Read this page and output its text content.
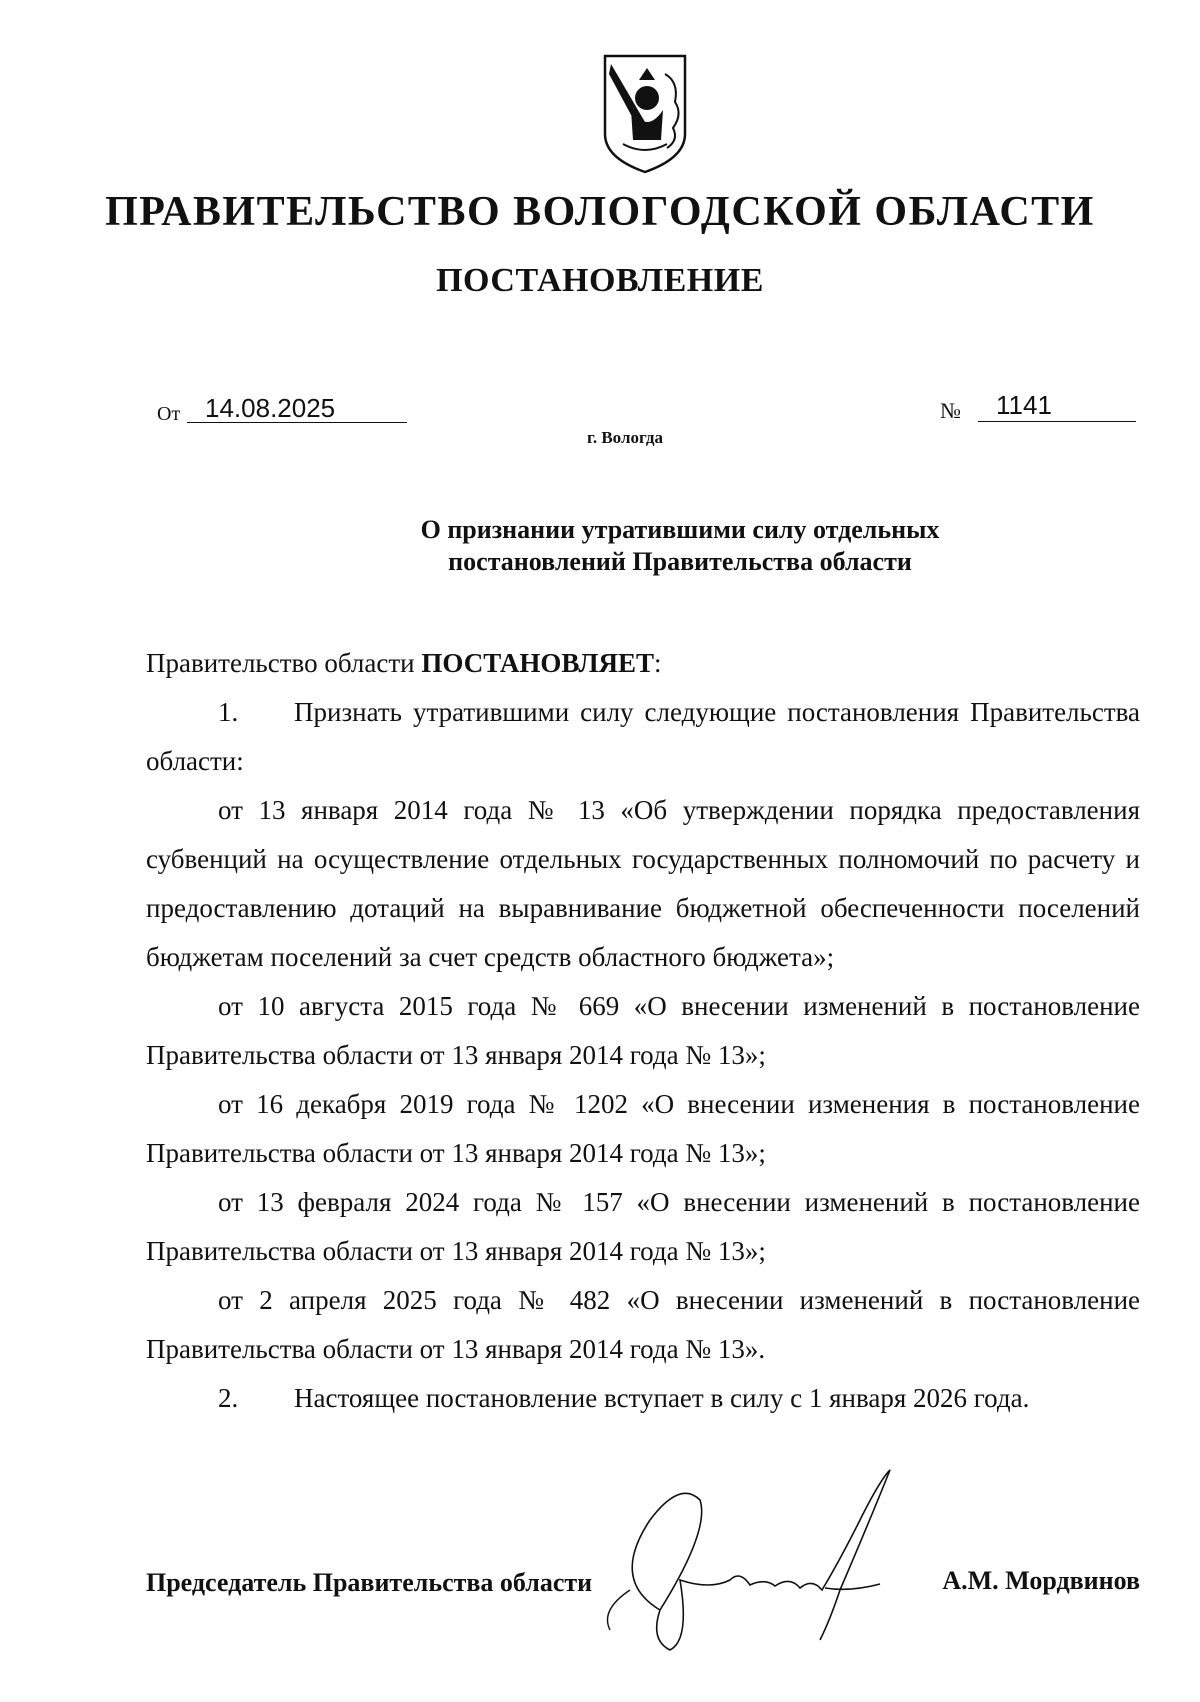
ПРАВИТЕЛЬСТВО ВОЛОГОДСКОЙ ОБЛАСТИ
ПОСТАНОВЛЕНИЕ
От 14.08.2025	№	1141
г. Вологда
О признании утратившими силу отдельных
постановлений Правительства области

Правительство области ПОСТАНОВЛЯЕТ:

1. Признать утратившими силу следующие постановления Правительства области:

от 13 января 2014 года № 13 «Об утверждении порядка предоставления субвенций на осуществление отдельных государственных полномочий по расчету и предоставлению дотаций на выравнивание бюджетной обеспеченности поселений бюджетам поселений за счет средств областного бюджета»;

от 10 августа 2015 года № 669 «О внесении изменений в постановление Правительства области от 13 января 2014 года № 13»;

от 16 декабря 2019 года № 1202 «О внесении изменения в постановление Правительства области от 13 января 2014 года № 13»;

от 13 февраля 2024 года № 157 «О внесении изменений в постановление Правительства области от 13 января 2014 года № 13»;

от 2 апреля 2025 года № 482 «О внесении изменений в постановление Правительства области от 13 января 2014 года № 13».

2. Настоящее постановление вступает в силу с 1 января 2026 года.

Председатель Правительства области	А.М. Мордвинов
